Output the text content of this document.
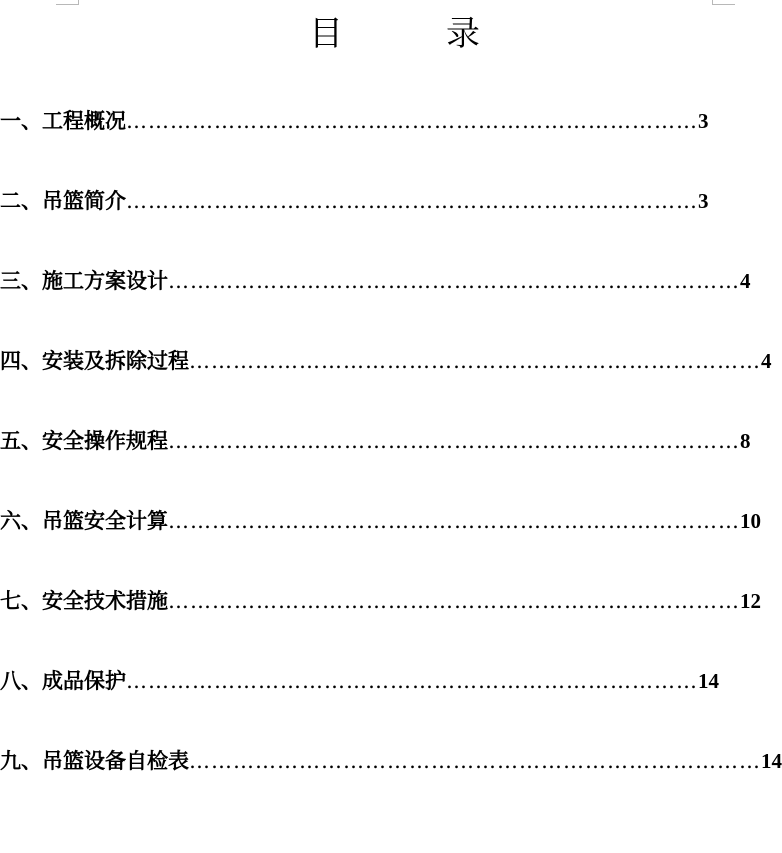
目	录
一、工程概况 …………………………………………………………………… 3
二、吊篮简介 …………………………………………………………………… 3
三、施工方案设计 …………………………………………………………………… 4
四、安装及拆除过程 …………………………………………………………………… 4
五、安全操作规程 …………………………………………………………………… 8
六、吊篮安全计算 …………………………………………………………………… 10
七、安全技术措施 …………………………………………………………………… 12
八、成品保护 …………………………………………………………………… 14
九、吊篮设备自检表 …………………………………………………………………… 14
